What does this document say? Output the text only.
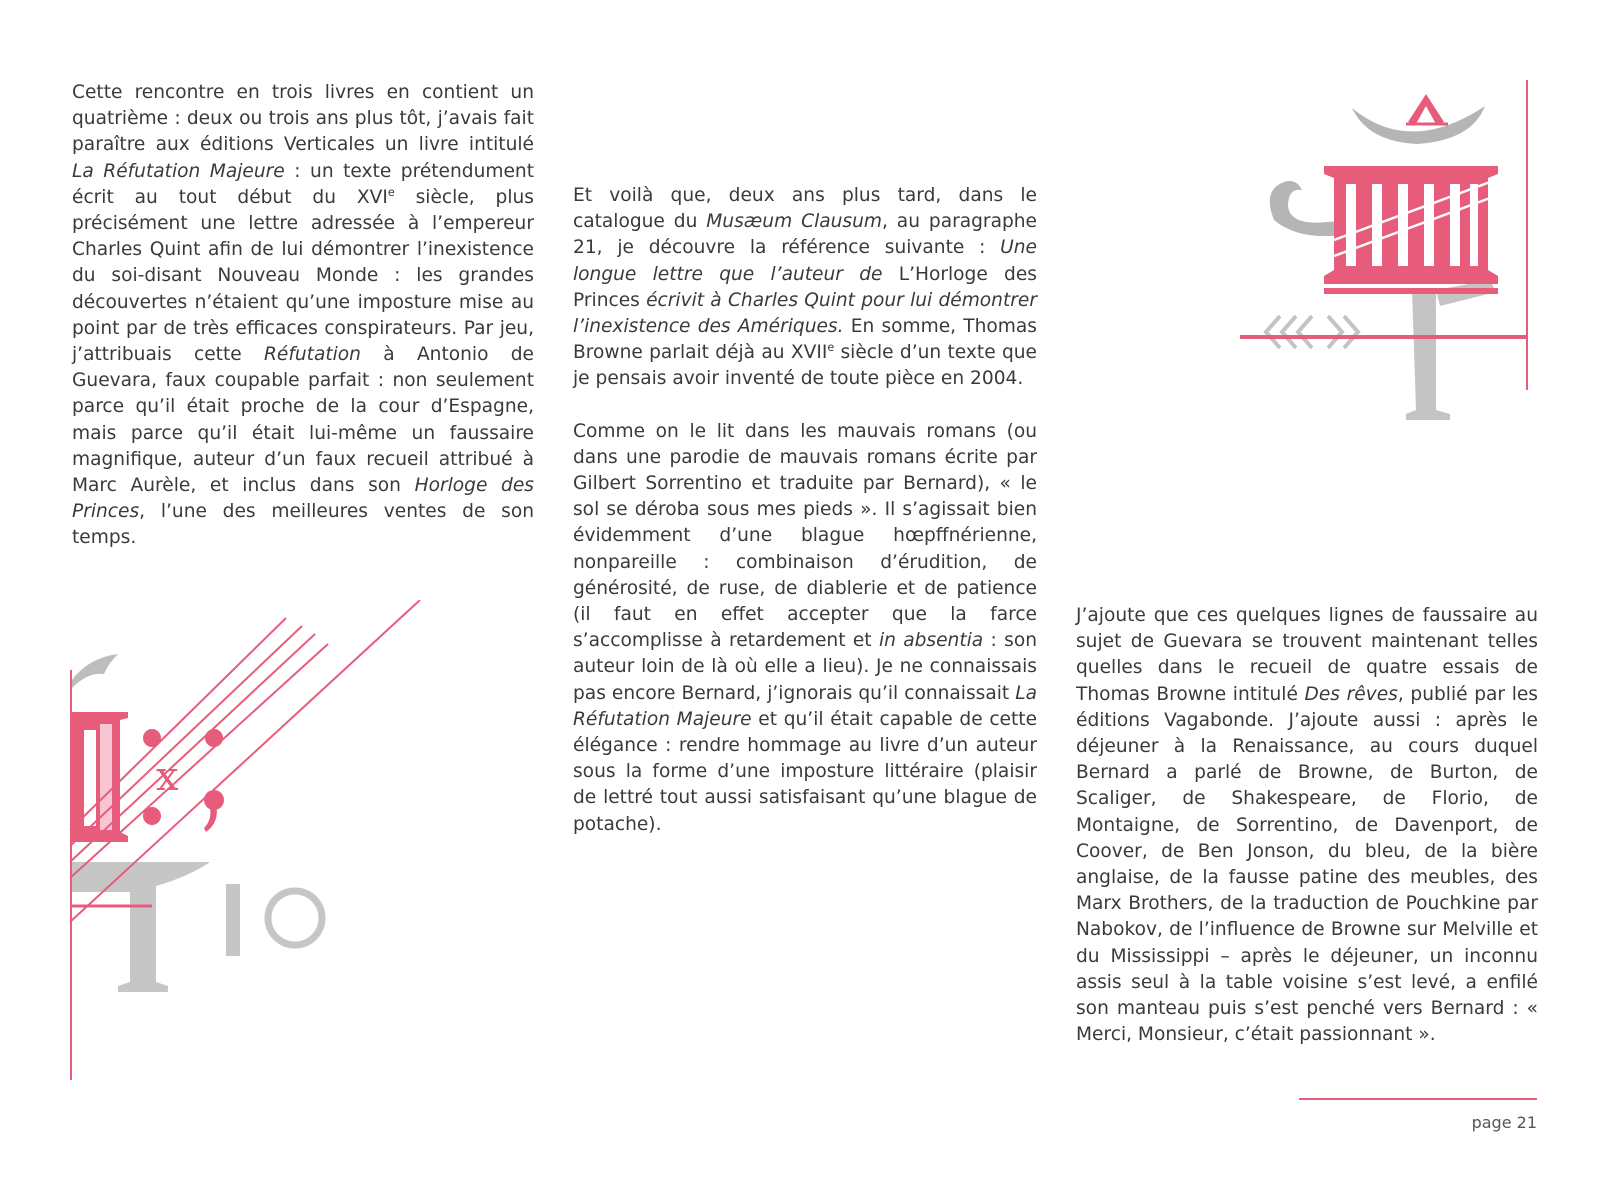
Cette rencontre en trois livres en contient un quatrième : deux ou trois ans plus tôt, j’avais fait paraître aux éditions Verticales un livre intitulé La Réfutation Majeure : un texte prétendument écrit au tout début du XVIe siècle, plus précisément une lettre adressée à l’empereur Charles Quint afin de lui démontrer l’inexistence du soi-disant Nouveau Monde : les grandes découvertes n’étaient qu’une imposture mise au point par de très efficaces conspirateurs. Par jeu, j’attribuais cette Réfutation à Antonio de Guevara, faux coupable parfait : non seulement parce qu’il était proche de la cour d’Espagne, mais parce qu’il était lui-même un faussaire magnifique, auteur d’un faux recueil attribué à Marc Aurèle, et inclus dans son Horloge des Princes, l’une des meilleures ventes de son temps.

Et voilà que, deux ans plus tard, dans le catalogue du Musæum Clausum, au paragraphe 21, je découvre la référence suivante : Une longue lettre que l’auteur de L’Horloge des Princes écrivit à Charles Quint pour lui démontrer l’inexistence des Amériques. En somme, Thomas Browne parlait déjà au XVIIe siècle d’un texte que je pensais avoir inventé de toute pièce en 2004.

Comme on le lit dans les mauvais romans (ou dans une parodie de mauvais romans écrite par Gilbert Sorrentino et traduite par Bernard), « le sol se déroba sous mes pieds ». Il s’agissait bien évidemment d’une blague hœpffnérienne, nonpareille : combinaison d’érudition, de générosité, de ruse, de diablerie et de patience (il faut en effet accepter que la farce s’accomplisse à retardement et in absentia : son auteur loin de là où elle a lieu). Je ne connaissais pas encore Bernard, j’ignorais qu’il connaissait La Réfutation Majeure et qu’il était capable de cette élégance : rendre hommage au livre d’un auteur sous la forme d’une imposture littéraire (plaisir de lettré tout aussi satisfaisant qu’une blague de potache).

J’ajoute que ces quelques lignes de faussaire au sujet de Guevara se trouvent maintenant telles quelles dans le recueil de quatre essais de Thomas Browne intitulé Des rêves, publié par les éditions Vagabonde. J’ajoute aussi : après le déjeuner à la Renaissance, au cours duquel Bernard a parlé de Browne, de Burton, de Scaliger, de Shakespeare, de Florio, de Montaigne, de Sorrentino, de Davenport, de Coover, de Ben Jonson, du bleu, de la bière anglaise, de la fausse patine des meubles, des Marx Brothers, de la traduction de Pouchkine par Nabokov, de l’influence de Browne sur Melville et du Mississippi – après le déjeuner, un inconnu assis seul à la table voisine s’est levé, a enfilé son manteau puis s’est penché vers Bernard : « Merci, Monsieur, c’était passionnant ».

x
page 21
